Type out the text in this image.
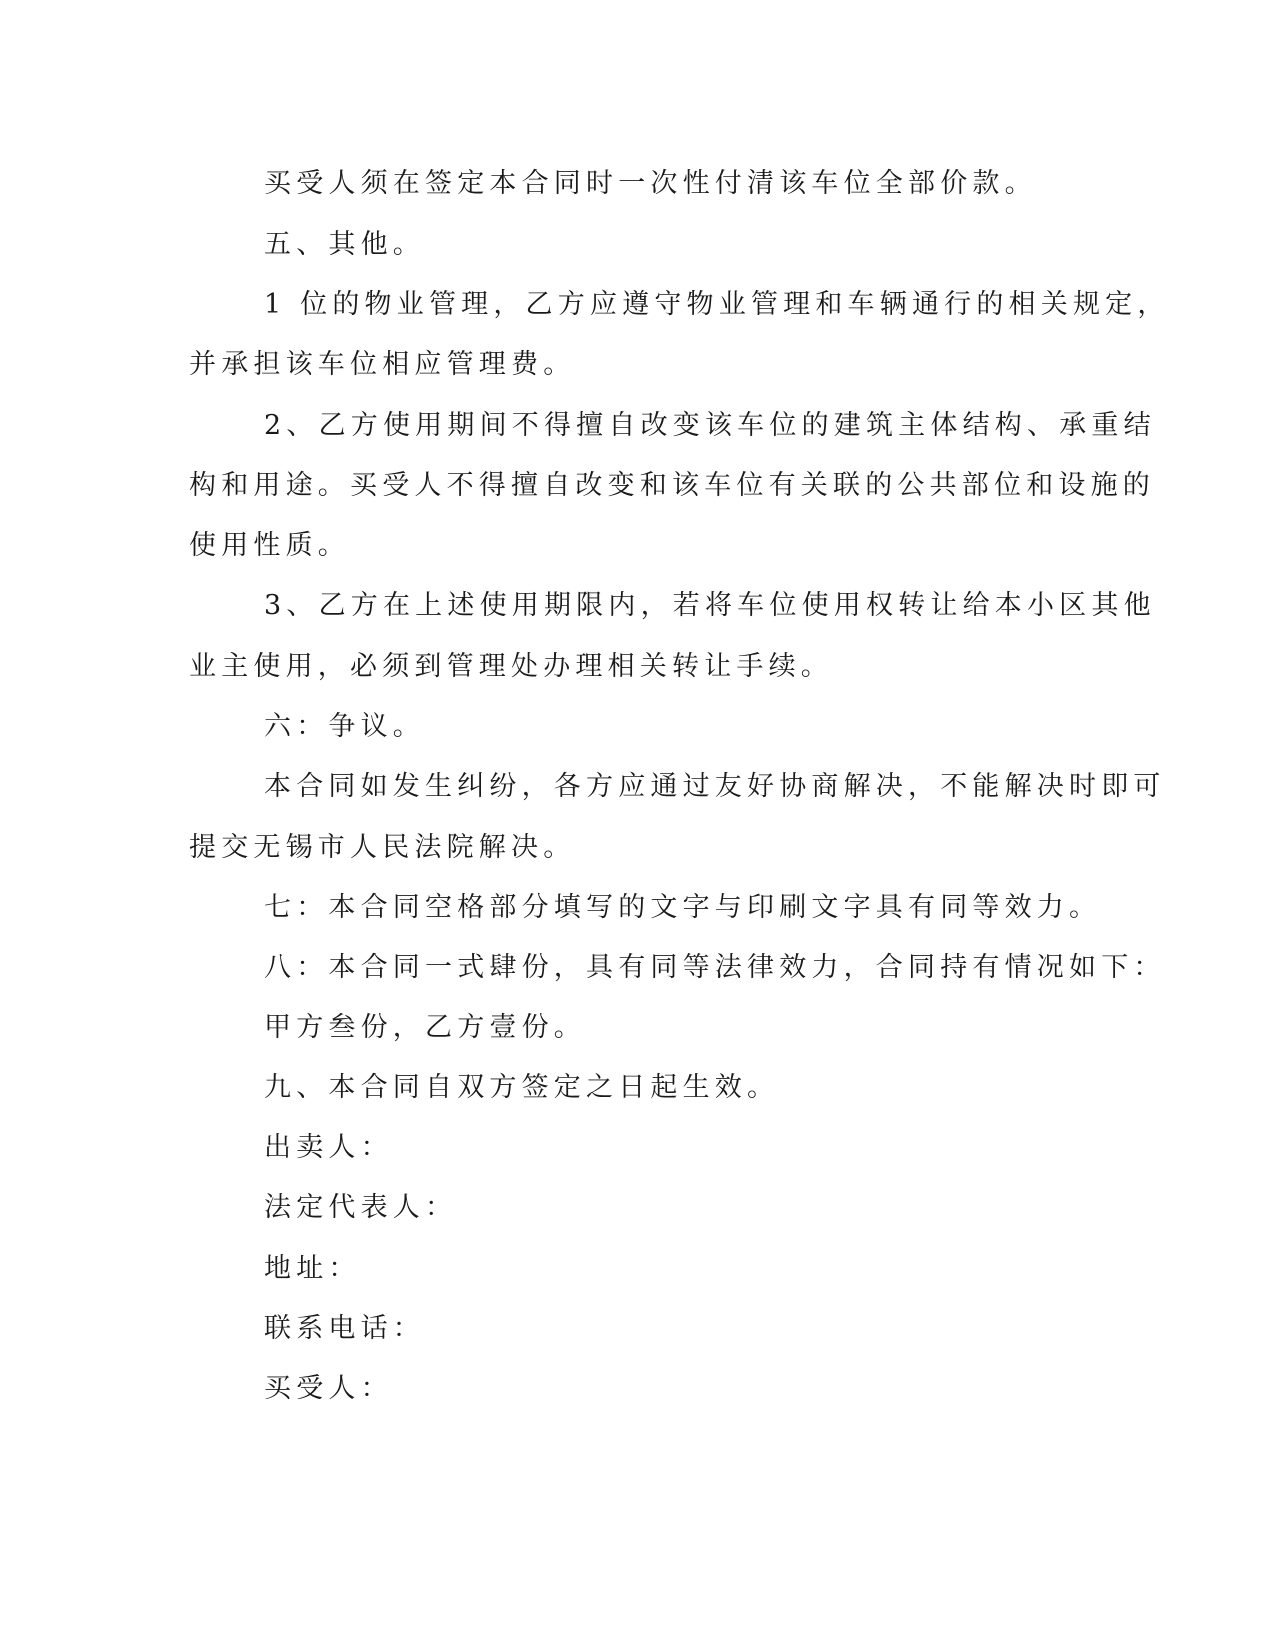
买受人须在签定本合同时一次性付清该车位全部价款。
五、其他。
1 位的物业管理，乙方应遵守物业管理和车辆通行的相关规定，
并承担该车位相应管理费。
2、乙方使用期间不得擅自改变该车位的建筑主体结构、承重结
构和用途。买受人不得擅自改变和该车位有关联的公共部位和设施的
使用性质。
3、乙方在上述使用期限内，若将车位使用权转让给本小区其他
业主使用，必须到管理处办理相关转让手续。
六：争议。
本合同如发生纠纷，各方应通过友好协商解决，不能解决时即可
提交无锡市人民法院解决。
七：本合同空格部分填写的文字与印刷文字具有同等效力。
八：本合同一式肆份，具有同等法律效力，合同持有情况如下：
甲方叁份，乙方壹份。
九、本合同自双方签定之日起生效。
出卖人：
法定代表人：
地址：
联系电话：
买受人：
